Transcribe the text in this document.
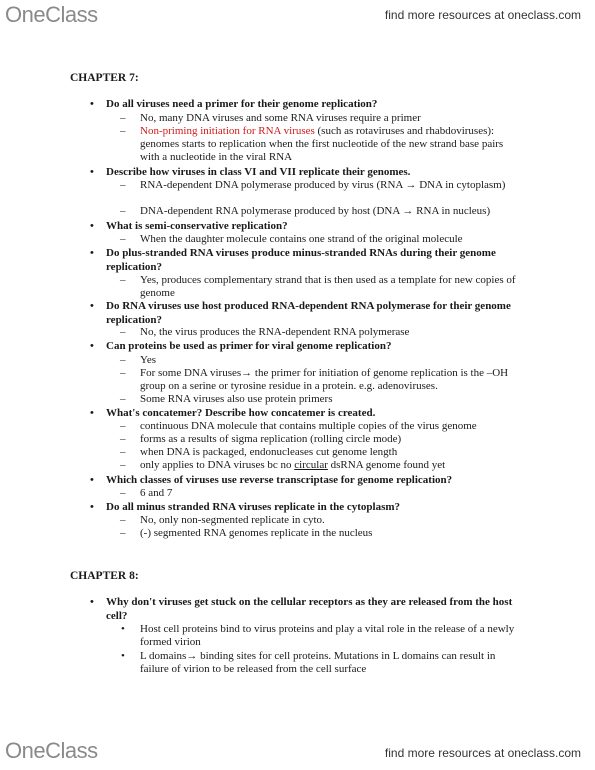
OneClass	find more resources at oneclass.com
CHAPTER 7:
• Do all viruses need a primer for their genome replication?
– No, many DNA viruses and some RNA viruses require a primer
– Non-priming initiation for RNA viruses (such as rotaviruses and rhabdoviruses): genomes starts to replication when the first nucleotide of the new strand base pairs with a nucleotide in the viral RNA
• Describe how viruses in class VI and VII replicate their genomes.
– RNA-dependent DNA polymerase produced by virus (RNA → DNA in cytoplasm)
– DNA-dependent RNA polymerase produced by host (DNA → RNA in nucleus)
• What is semi-conservative replication?
– When the daughter molecule contains one strand of the original molecule
• Do plus-stranded RNA viruses produce minus-stranded RNAs during their genome replication?
– Yes, produces complementary strand that is then used as a template for new copies of genome
• Do RNA viruses use host produced RNA-dependent RNA polymerase for their genome replication?
– No, the virus produces the RNA-dependent RNA polymerase
• Can proteins be used as primer for viral genome replication?
– Yes
– For some DNA viruses→ the primer for initiation of genome replication is the –OH group on a serine or tyrosine residue in a protein. e.g. adenoviruses.
– Some RNA viruses also use protein primers
• What's concatemer? Describe how concatemer is created.
– continuous DNA molecule that contains multiple copies of the virus genome
– forms as a results of sigma replication (rolling circle mode)
– when DNA is packaged, endonucleases cut genome length
– only applies to DNA viruses bc no circular dsRNA genome found yet
• Which classes of viruses use reverse transcriptase for genome replication?
– 6 and 7
• Do all minus stranded RNA viruses replicate in the cytoplasm?
– No, only non-segmented replicate in cyto.
– (-) segmented RNA genomes replicate in the nucleus
CHAPTER 8:
• Why don't viruses get stuck on the cellular receptors as they are released from the host cell?
• Host cell proteins bind to virus proteins and play a vital role in the release of a newly formed virion
• L domains→ binding sites for cell proteins. Mutations in L domains can result in failure of virion to be released from the cell surface
OneClass	find more resources at oneclass.com
